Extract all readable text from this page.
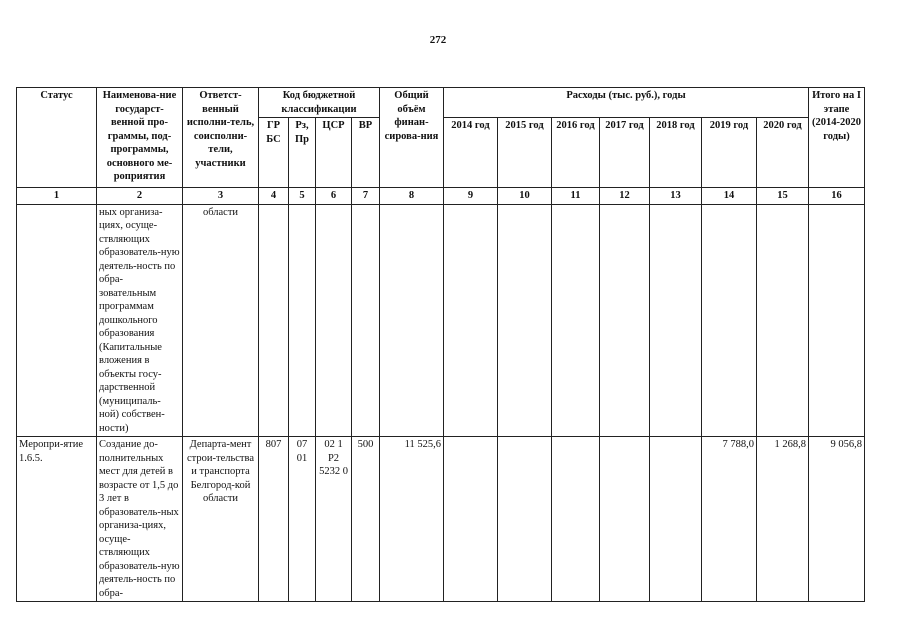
272
Статус	Наименова-ние государст-венной про-граммы, под-программы, основного ме-роприятия	Ответст-венный исполни-тель, соисполни-тели, участники	Код бюджетной классификации				Общий объём финан-сирова-ния	Расходы (тыс. руб.), годы							Итого на I этапе (2014-2020 годы)
			ГР БС	Рз, Пр	ЦСР	ВР		2014 год	2015 год	2016 год	2017 год	2018 год	2019 год	2020 год	
1	2	3	4	5	6	7	8	9	10	11	12	13	14	15	16
	ных организа-циях, осуще-ствляющих образователь-ную деятель-ность по обра-зовательным программам дошкольного образования (Капитальные вложения в объекты госу-дарственной (муниципаль-ной) собствен-ности)	области													
Меропри-ятие 1.6.5.	Создание до-полнительных мест для детей в возрасте от 1,5 до 3 лет в образователь-ных организа-циях, осуще-ствляющих образователь-ную деятель-ность по обра-	Департа-мент строи-тельства и транспорта Белгород-кой области	807	07 01	02 1 P2 5232 0	500	11 525,6						7 788,0	1 268,8	9 056,8
